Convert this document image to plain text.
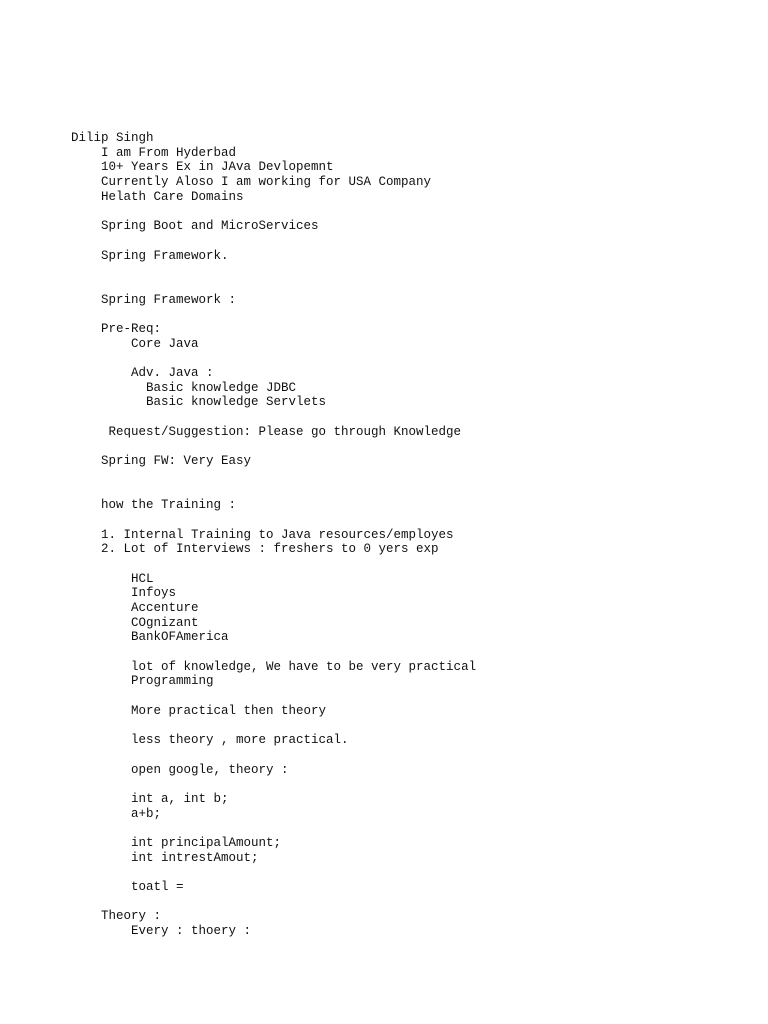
Dilip Singh
I am From Hyderbad
10+ Years Ex in JAva Devlopemnt
Currently Aloso I am working for USA Company
Helath Care Domains
Spring Boot and MicroServices
Spring Framework.
Spring Framework :
Pre-Req:
Core Java
Adv. Java :
Basic knowledge JDBC
Basic knowledge Servlets
Request/Suggestion: Please go through Knowledge
Spring FW: Very Easy
how the Training :
1. Internal Training to Java resources/employes
2. Lot of Interviews : freshers to 0 yers exp
HCL
Infoys
Accenture
COgnizant
BankOFAmerica
lot of knowledge, We have to be very practical
Programming
More practical then theory
less theory , more practical.
open google, theory :
int a, int b;
a+b;
int principalAmount;
int intrestAmout;
toatl =
Theory :
Every : thoery :
